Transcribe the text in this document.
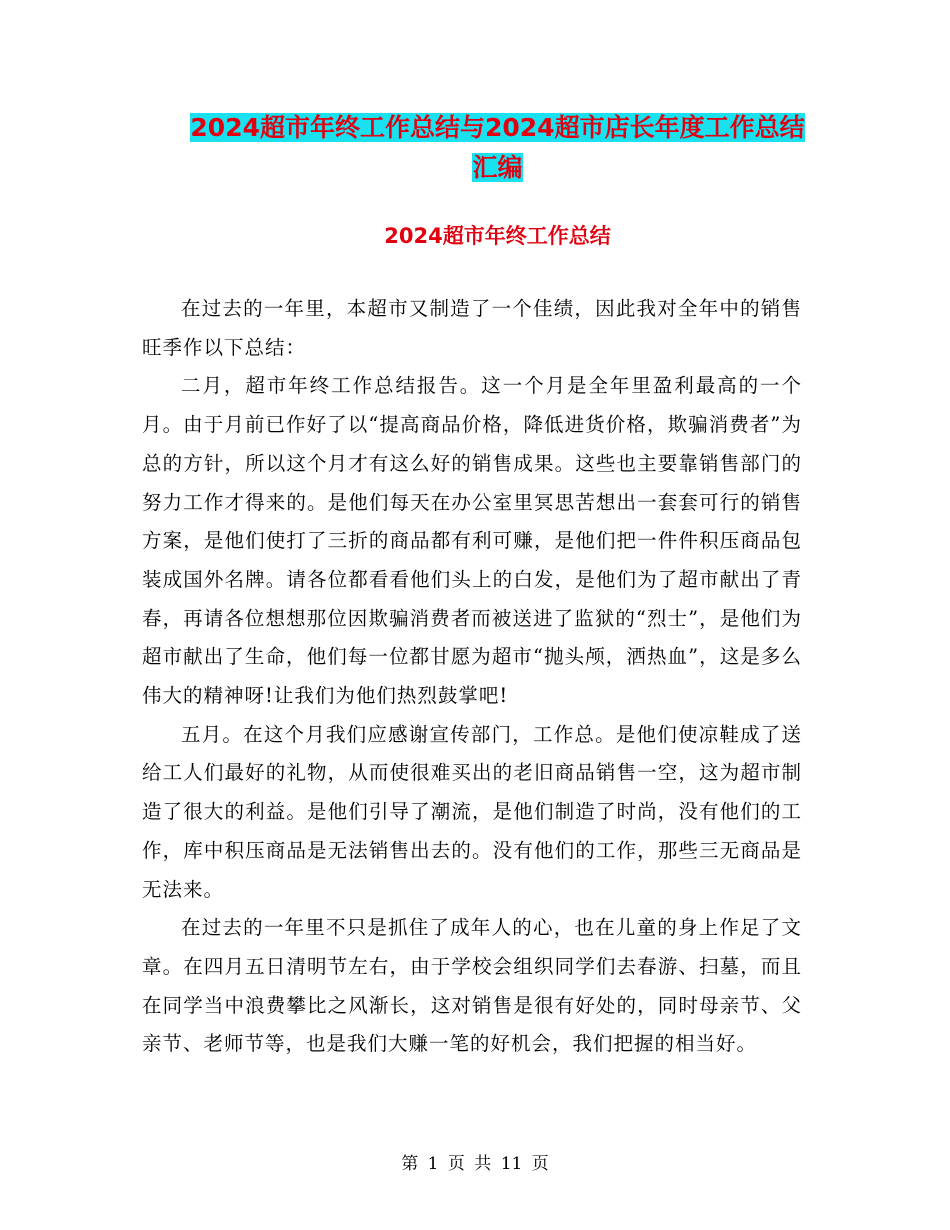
2024超市年终工作总结与2024超市店长年度工作总结
汇编
2024超市年终工作总结

在过去的一年里，本超市又制造了一个佳绩，因此我对全年中的销售旺季作以下总结：

二月，超市年终工作总结报告。这一个月是全年里盈利最高的一个月。由于月前已作好了以“提高商品价格，降低进货价格，欺骗消费者”为总的方针，所以这个月才有这么好的销售成果。这些也主要靠销售部门的努力工作才得来的。是他们每天在办公室里冥思苦想出一套套可行的销售方案，是他们使打了三折的商品都有利可赚，是他们把一件件积压商品包装成国外名牌。请各位都看看他们头上的白发，是他们为了超市献出了青春，再请各位想想那位因欺骗消费者而被送进了监狱的“烈士”，是他们为超市献出了生命，他们每一位都甘愿为超市“抛头颅，洒热血”，这是多么伟大的精神呀!让我们为他们热烈鼓掌吧!

五月。在这个月我们应感谢宣传部门，工作总。是他们使凉鞋成了送给工人们最好的礼物，从而使很难买出的老旧商品销售一空，这为超市制造了很大的利益。是他们引导了潮流，是他们制造了时尚，没有他们的工作，库中积压商品是无法销售出去的。没有他们的工作，那些三无商品是无法来。

在过去的一年里不只是抓住了成年人的心，也在儿童的身上作足了文章。在四月五日清明节左右，由于学校会组织同学们去春游、扫墓，而且在同学当中浪费攀比之风渐长，这对销售是很有好处的，同时母亲节、父亲节、老师节等，也是我们大赚一笔的好机会，我们把握的相当好。

第 1 页 共 11 页
